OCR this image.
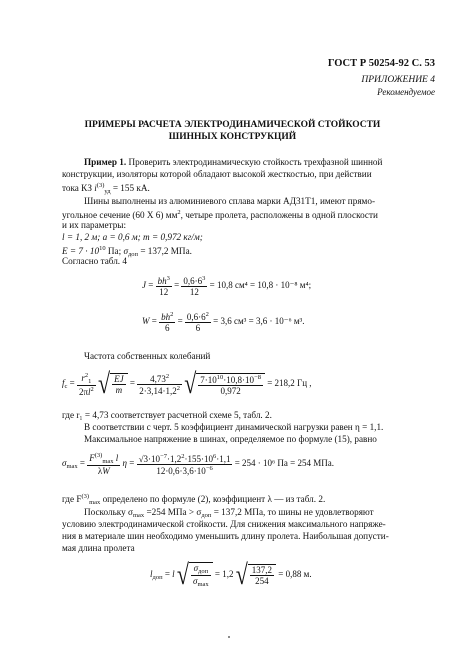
ГОСТ Р 50254-92 С. 53
ПРИЛОЖЕНИЕ 4
Рекомендуемое
ПРИМЕРЫ РАСЧЕТА ЭЛЕКТРОДИНАМИЧЕСКОЙ СТОЙКОСТИ
ШИННЫХ КОНСТРУКЦИЙ
Пример 1. Проверить электродинамическую стойкость трехфазной шинной
конструкции, изоляторы которой обладают высокой жесткостью, при действии
тока КЗ $i^{(3)}_{уд} = 155$ кА.
Шины выполнены из алюминиевого сплава марки АД31Т1, имеют прямо-
угольное сечение (60 X 6) $мм^2$, четыре пролета, расположены в одной плоскости
и их параметры:
l = 1, 2 м; a = 0,6 м; m = 0,972 кг/м;
$E = 7 \cdot 10^{10}$ Па; $\sigma_{доп} = 137,2$ МПа.
Согласно табл. 4
$J = \frac{bh^3}{12} = \frac{0,6\cdot 6^3}{12} = 10,8$ см⁴ = 10,8 · 10⁻⁸ м⁴;
$W = \frac{bh^2}{6} = \frac{0,6\cdot 6^2}{6} = 3,6$ см³ = 3,6 · 10⁻⁶ м³.
Частота собственных колебаний
$f_c = \frac{r^2_1}{2\pi l^2}$ √ $\frac{EJ}{m} = \frac{4,73^2}{2\cdot 3,14\cdot 1,2^2}$ √ $\frac{7\cdot 10^{10}\cdot 10,8\cdot 10^{-8}}{0,972} = 218,2$ Гц ,
где r₁ = 4,73 соответствует расчетной схеме 5, табл. 2.
В соответствии с черт. 5 коэффициент динамической нагрузки равен η = 1,1.
Максимальное напряжение в шинах, определяемое по формуле (15), равно
$\sigma_{max} = \frac{F^{(3)}_{max} l}{\lambda W}$ $\eta = \frac{√3\cdot 10^{-7}\cdot 1,2^2\cdot 155\cdot 10^6\cdot 1,1}{12\cdot 0,6\cdot 3,6\cdot 10^{-6}} = 254 \cdot 10^6$ Па = 254 МПа.
где $F^{(3)}_{max}$ определено по формуле (2), коэффициент λ — из табл. 2.
Поскольку $\sigma_{max} =254$ МПа > $\sigma_{доп} = 137,2$ МПа, то шины не удовлетворяют
условию электродинамической стойкости. Для снижения максимального напряже-
ния в материале шин необходимо уменьшить длину пролета. Наибольшая допусти-
мая длина пролета
$l_{доп} = l$ √ $\frac{\sigma_{доп}}{\sigma_{max}} = 1,2$ √ $\frac{137,2}{254} = 0,88$ м.
